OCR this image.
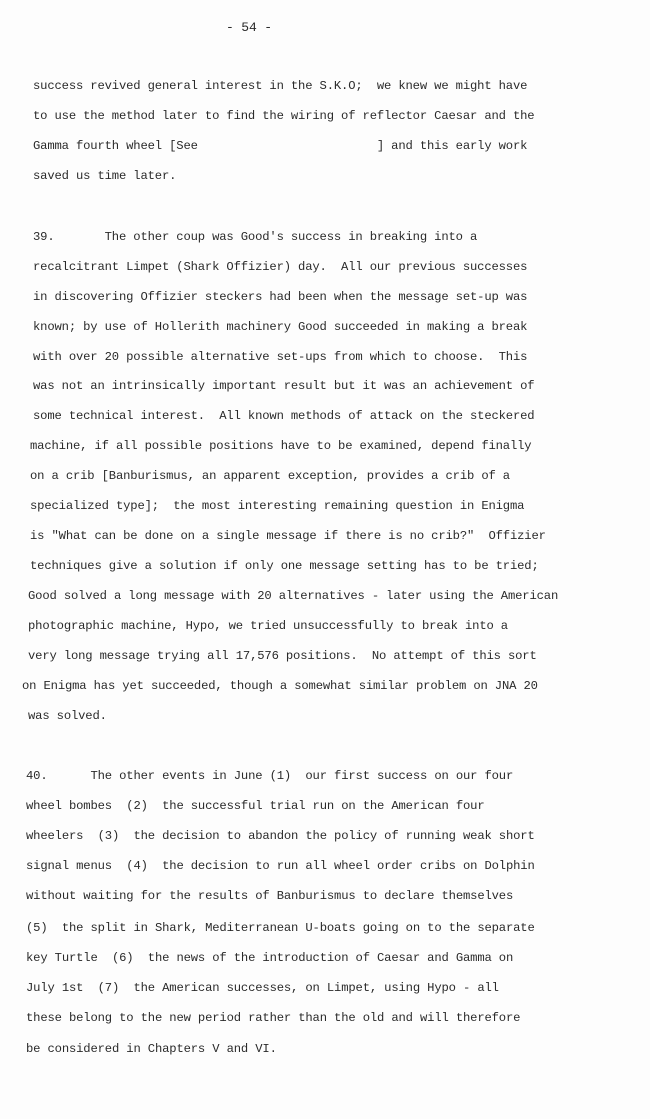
- 54 -
success revived general interest in the S.K.O;  we knew we might have
to use the method later to find the wiring of reflector Caesar and the
Gamma fourth wheel [See                         ] and this early work
saved us time later.
39.       The other coup was Good's success in breaking into a
recalcitrant Limpet (Shark Offizier) day.  All our previous successes
in discovering Offizier steckers had been when the message set-up was
known; by use of Hollerith machinery Good succeeded in making a break
with over 20 possible alternative set-ups from which to choose.  This
was not an intrinsically important result but it was an achievement of
some technical interest.  All known methods of attack on the steckered
machine, if all possible positions have to be examined, depend finally
on a crib [Banburismus, an apparent exception, provides a crib of a
specialized type];  the most interesting remaining question in Enigma
is "What can be done on a single message if there is no crib?"  Offizier
techniques give a solution if only one message setting has to be tried;
Good solved a long message with 20 alternatives - later using the American
photographic machine, Hypo, we tried unsuccessfully to break into a
very long message trying all 17,576 positions.  No attempt of this sort
on Enigma has yet succeeded, though a somewhat similar problem on JNA 20
was solved.
40.      The other events in June (1)  our first success on our four
wheel bombes  (2)  the successful trial run on the American four
wheelers  (3)  the decision to abandon the policy of running weak short
signal menus  (4)  the decision to run all wheel order cribs on Dolphin
without waiting for the results of Banburismus to declare themselves
(5)  the split in Shark, Mediterranean U-boats going on to the separate
key Turtle  (6)  the news of the introduction of Caesar and Gamma on
July 1st  (7)  the American successes, on Limpet, using Hypo - all
these belong to the new period rather than the old and will therefore
be considered in Chapters V and VI.
